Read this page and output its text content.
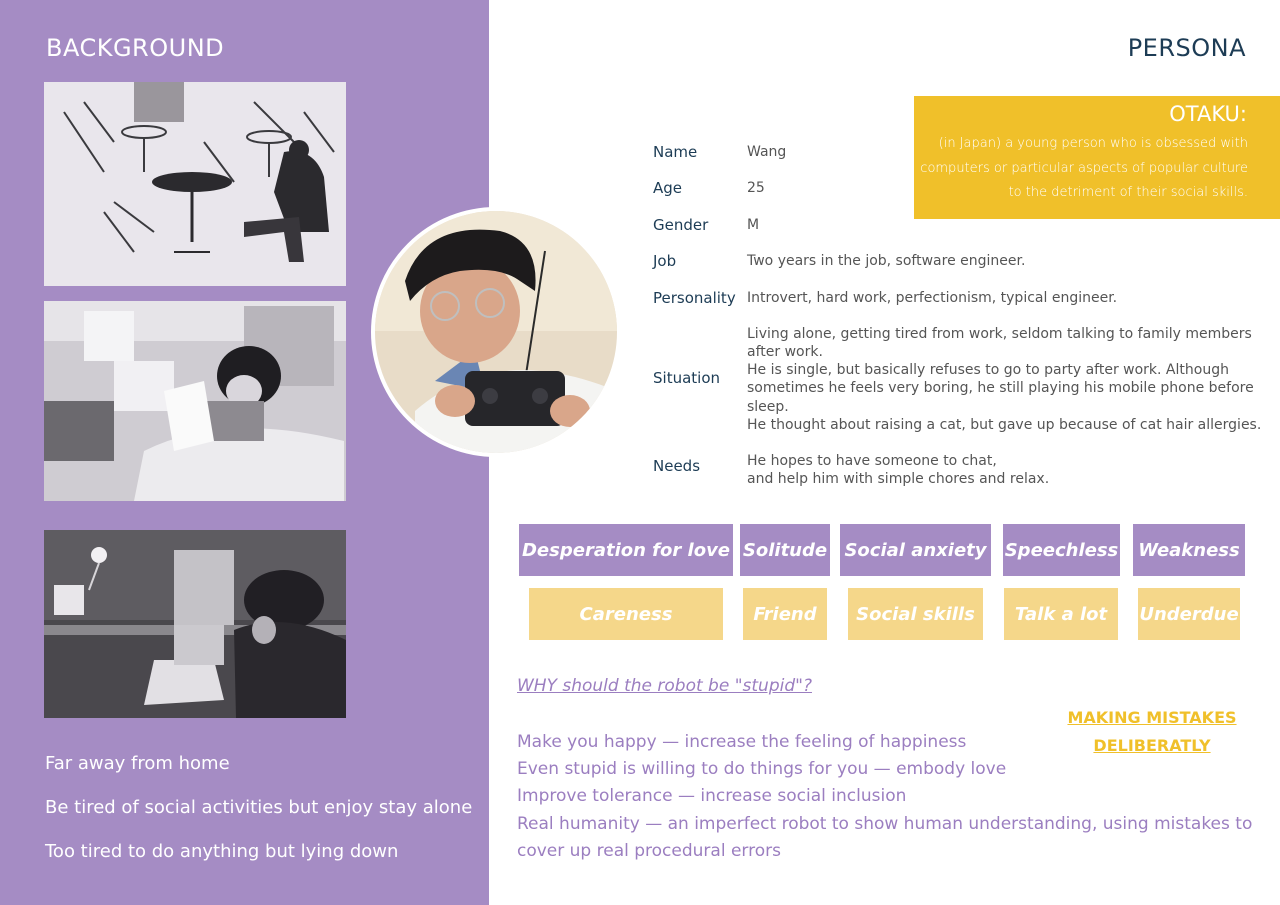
BACKGROUND
Far away from home
Be tired of social activities but enjoy stay alone
Too tired to do anything but lying down
PERSONA
OTAKU:
(in Japan) a young person who is obsessed with computers or particular aspects of popular culture to the detriment of their social skills.
Name	Wang
Age	25
Gender	M
Job	Two years in the job, software engineer.
Personality Introvert, hard work, perfectionism, typical engineer.
Situation
Living alone, getting tired from work, seldom talking to family members
after work.
He is single, but basically refuses to go to party after work. Although
sometimes he feels very boring, he still playing his mobile phone before
sleep.
He thought about raising a cat, but gave up because of cat hair allergies.
Needs	He hopes to have someone to chat,
and help him with simple chores and relax.
Desperation for love Solitude Social anxiety Speechless Weakness
Careness	Friend	Social skills	Talk a lot	Underdue
WHY should the robot be "stupid"?
Make you happy — increase the feeling of happiness
Even stupid is willing to do things for you — embody love
Improve tolerance — increase social inclusion
Real humanity — an imperfect robot to show human understanding, using mistakes to
cover up real procedural errors
MAKING MISTAKES
DELIBERATLY
